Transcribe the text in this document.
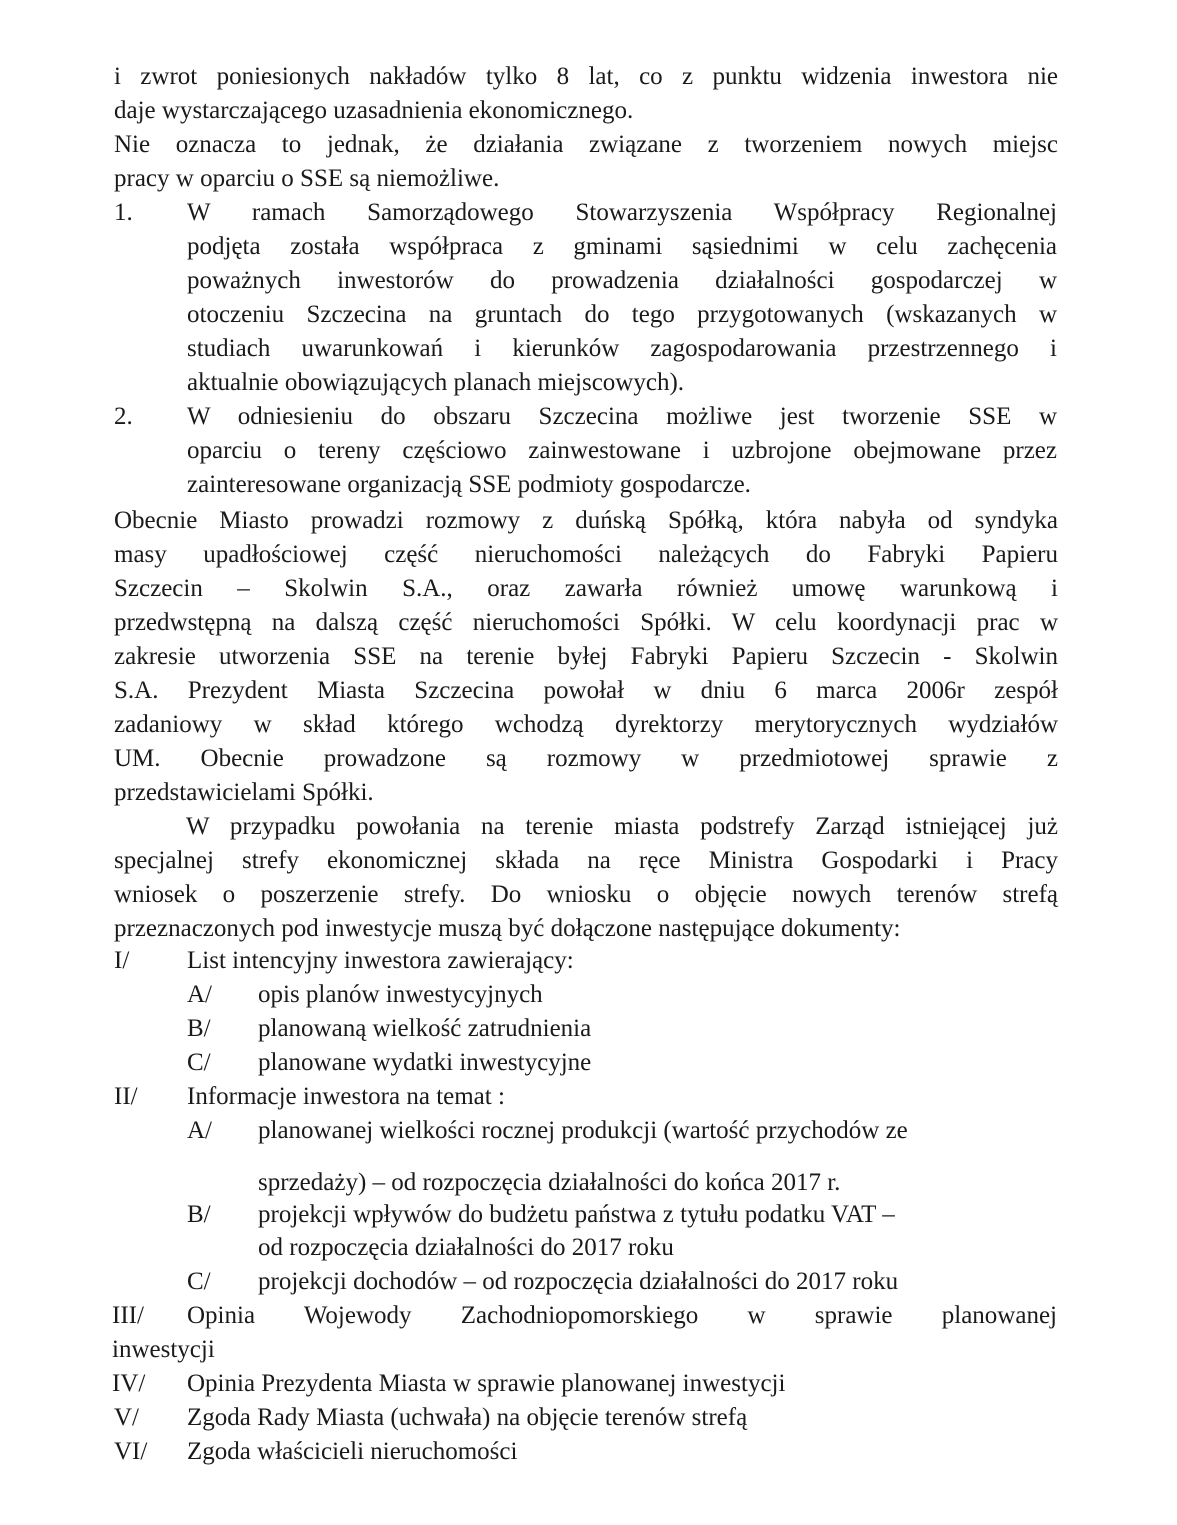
i zwrot poniesionych nakładów tylko 8 lat, co z punktu widzenia inwestora nie
daje wystarczającego uzasadnienia ekonomicznego.
Nie oznacza to jednak, że działania związane z tworzeniem nowych miejsc
pracy w oparciu o SSE są niemożliwe.
1. W ramach Samorządowego Stowarzyszenia Współpracy Regionalnej
podjęta została współpraca z gminami sąsiednimi w celu zachęcenia
poważnych inwestorów do prowadzenia działalności gospodarczej w
otoczeniu Szczecina na gruntach do tego przygotowanych (wskazanych w
studiach uwarunkowań i kierunków zagospodarowania przestrzennego i
aktualnie obowiązujących planach miejscowych).
2. W odniesieniu do obszaru Szczecina możliwe jest tworzenie SSE w
oparciu o tereny częściowo zainwestowane i uzbrojone obejmowane przez
zainteresowane organizacją SSE podmioty gospodarcze.
Obecnie Miasto prowadzi rozmowy z duńską Spółką, która nabyła od syndyka
masy upadłościowej część nieruchomości należących do Fabryki Papieru
Szczecin – Skolwin S.A., oraz zawarła również umowę warunkową i
przedwstępną na dalszą część nieruchomości Spółki. W celu koordynacji prac w
zakresie utworzenia SSE na terenie byłej Fabryki Papieru Szczecin - Skolwin
S.A. Prezydent Miasta Szczecina powołał w dniu 6 marca 2006r zespół
zadaniowy w skład którego wchodzą dyrektorzy merytorycznych wydziałów
UM. Obecnie prowadzone są rozmowy w przedmiotowej sprawie z
przedstawicielami Spółki.
W przypadku powołania na terenie miasta podstrefy Zarząd istniejącej już
specjalnej strefy ekonomicznej składa na ręce Ministra Gospodarki i Pracy
wniosek o poszerzenie strefy. Do wniosku o objęcie nowych terenów strefą
przeznaczonych pod inwestycje muszą być dołączone następujące dokumenty:
I/ List intencyjny inwestora zawierający:
A/ opis planów inwestycyjnych
B/ planowaną wielkość zatrudnienia
C/ planowane wydatki inwestycyjne
II/ Informacje inwestora na temat :
A/ planowanej wielkości rocznej produkcji (wartość przychodów ze
sprzedaży) – od rozpoczęcia działalności do końca 2017 r.
B/ projekcji wpływów do budżetu państwa z tytułu podatku VAT –
od rozpoczęcia działalności do 2017 roku
C/ projekcji dochodów – od rozpoczęcia działalności do 2017 roku
III/ Opinia Wojewody Zachodniopomorskiego w sprawie planowanej
inwestycji
IV/ Opinia Prezydenta Miasta w sprawie planowanej inwestycji
V/ Zgoda Rady Miasta (uchwała) na objęcie terenów strefą
VI/ Zgoda właścicieli nieruchomości
